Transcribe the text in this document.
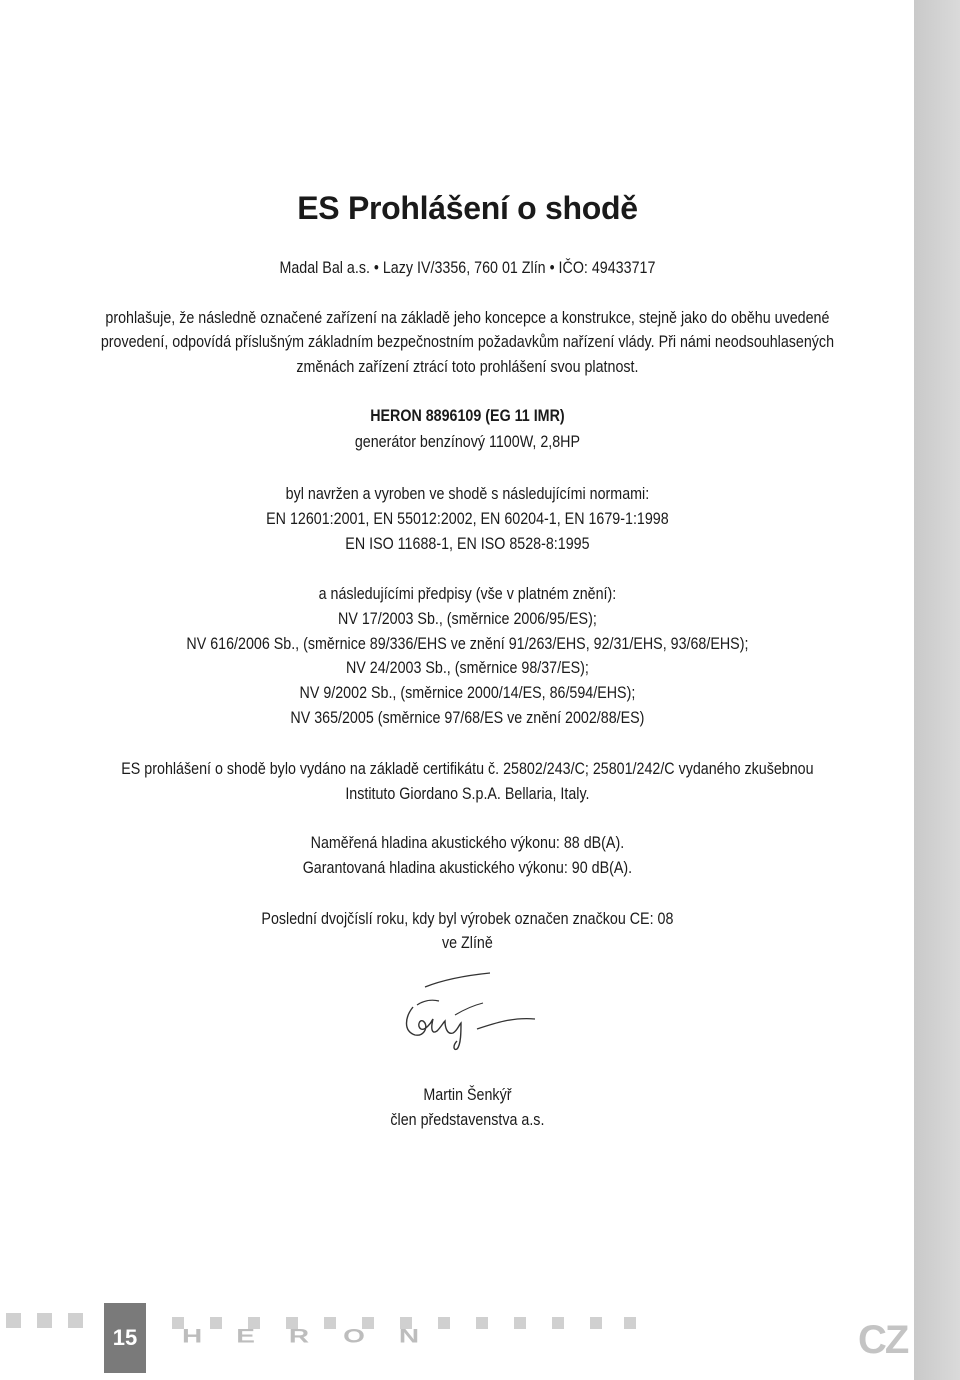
ES Prohlášení o shodě
Madal Bal a.s. • Lazy IV/3356, 760 01 Zlín • IČO: 49433717
prohlašuje, že následně označené zařízení na základě jeho koncepce a konstrukce, stejně jako do oběhu uvedené
provedení, odpovídá příslušným základním bezpečnostním požadavkům nařízení vlády. Při námi neodsouhlasených
změnách zařízení ztrácí toto prohlášení svou platnost.
HERON 8896109 (EG 11 IMR)
generátor benzínový 1100W, 2,8HP
byl navržen a vyroben ve shodě s následujícími normami:
EN 12601:2001, EN 55012:2002, EN 60204-1, EN 1679-1:1998
EN ISO 11688-1, EN ISO 8528-8:1995
a následujícími předpisy (vše v platném znění):
NV 17/2003 Sb., (směrnice 2006/95/ES);
NV 616/2006 Sb., (směrnice 89/336/EHS ve znění 91/263/EHS, 92/31/EHS, 93/68/EHS);
NV 24/2003 Sb., (směrnice 98/37/ES);
NV 9/2002 Sb., (směrnice 2000/14/ES, 86/594/EHS);
NV 365/2005 (směrnice 97/68/ES ve znění 2002/88/ES)
ES prohlášení o shodě bylo vydáno na základě certifikátu č. 25802/243/C; 25801/242/C vydaného zkušebnou
Instituto Giordano S.p.A. Bellaria, Italy.
Naměřená hladina akustického výkonu: 88 dB(A).
Garantovaná hladina akustického výkonu: 90 dB(A).
Poslední dvojčíslí roku, kdy byl výrobek označen značkou CE: 08
ve Zlíně
Martin Šenkýř
člen představenstva a.s.
15	HERON	CZ
